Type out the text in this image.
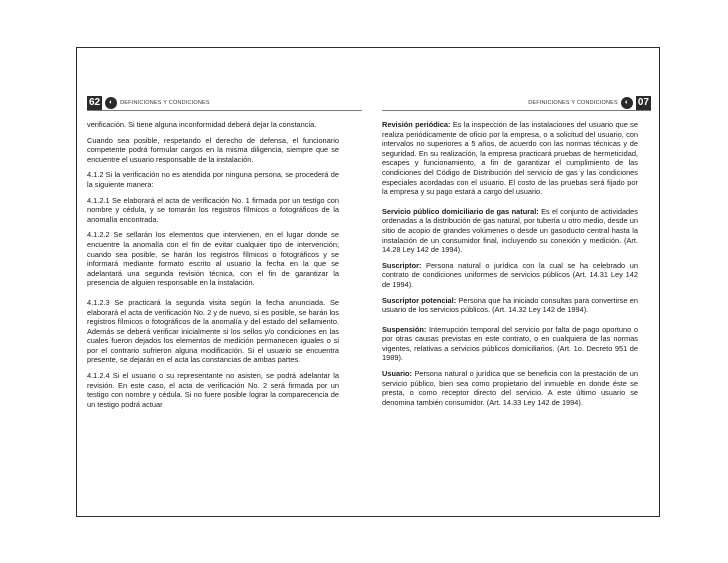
62	◐	DEFINICIONES Y CONDICIONES

verificación. Si tiene alguna inconformidad deberá dejar la constancia.

Cuando sea posible, respetando el derecho de defensa, el funcionario competente podrá formular cargos en la misma diligencia, siempre que se encuentre el usuario responsable de la instalación.

4.1.2 Si la verificación no es atendida por ninguna persona, se procederá de la siguiente manera:

4.1.2.1 Se elaborará el acta de verificación No. 1 firmada por un testigo con nombre y cédula, y se tomarán los registros fílmicos o fotográficos de la anomalía encontrada.

4.1.2.2 Se sellarán los elementos que intervienen, en el lugar donde se encuentre la anomalía con el fin de evitar cualquier tipo de intervención; cuando sea posible, se harán los registros fílmicos o fotográficos y se informará mediante formato escrito al usuario la fecha en la que se adelantará una segunda revisión técnica, con el fin de garantizar la presencia de alguien responsable en la instalación.

4.1.2.3 Se practicará la segunda visita según la fecha anunciada. Se elaborará el acta de verificación No. 2 y de nuevo, si es posible, se harán los registros fílmicos o fotográficos de la anomalía y del estado del sellamiento. Además se deberá verificar inicialmente si los sellos y/o condiciones en las cuales fueron dejados los elementos de medición permanecen iguales o si por el contrario sufrieron alguna modificación. Si el usuario se encuentra presente, se dejarán en el acta las constancias de ambas partes.

4.1.2.4 Si el usuario o su representante no asisten, se podrá adelantar la revisión. En este caso, el acta de verificación No. 2 será firmada por un testigo con nombre y cédula. Si no fuere posible lograr la comparecencia de un testigo podrá actuar

DEFINICIONES Y CONDICIONES ◐ 07

Revisión periódica: Es la inspección de las instalaciones del usuario que se realiza periódicamente de oficio por la empresa, o a solicitud del usuario, con intervalos no superiores a 5 años, de acuerdo con las normas técnicas y de seguridad. En su realización, la empresa practicará pruebas de hermeticidad, escapes y funcionamiento, a fin de garantizar el cumplimiento de las condiciones del Código de Distribución del servicio de gas y las condiciones especiales acordadas con el usuario. El costo de las pruebas será fijado por la empresa y su pago estará a cargo del usuario.

Servicio público domiciliario de gas natural: Es el conjunto de actividades ordenadas a la distribución de gas natural, por tubería u otro medio, desde un sitio de acopio de grandes volúmenes o desde un gasoducto central hasta la instalación de un consumidor final, incluyendo su conexión y medición. (Art. 14.28 Ley 142 de 1994).

Suscriptor: Persona natural o jurídica con la cual se ha celebrado un contrato de condiciones uniformes de servicios públicos (Art. 14.31 Ley 142 de 1994).

Suscriptor potencial: Persona que ha iniciado consultas para convertirse en usuario de los servicios públicos. (Art. 14.32 Ley 142 de 1994).

Suspensión: Interrupción temporal del servicio por falta de pago oportuno o por otras causas previstas en este contrato, o en cualquiera de las normas vigentes, relativas a servicios públicos domiciliarios. (Art. 1o. Decreto 951 de 1989).

Usuario: Persona natural o jurídica que se beneficia con la prestación de un servicio público, bien sea como propietario del inmueble en donde éste se presta, o como receptor directo del servicio. A este último usuario se denomina también consumidor. (Art. 14.33 Ley 142 de 1994).
